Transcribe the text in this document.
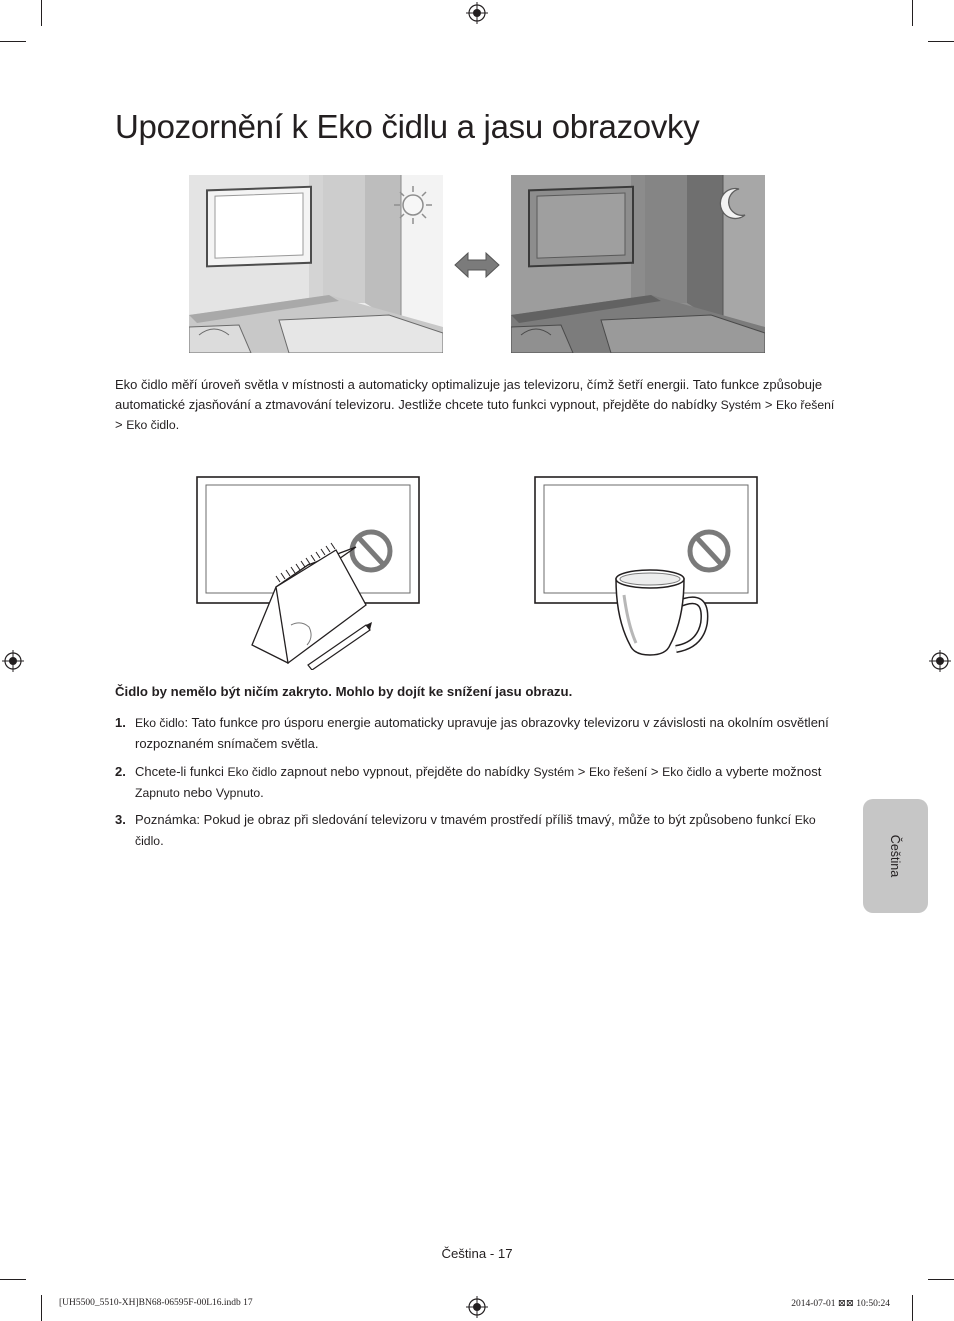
Upozornění k Eko čidlu a jasu obrazovky
Eko čidlo měří úroveň světla v místnosti a automaticky optimalizuje jas televizoru, čímž šetří energii. Tato funkce způsobuje automatické zjasňování a ztmavování televizoru. Jestliže chcete tuto funkci vypnout, přejděte do nabídky Systém > Eko řešení > Eko čidlo.
Čidlo by nemělo být ničím zakryto. Mohlo by dojít ke snížení jasu obrazu.
1. Eko čidlo: Tato funkce pro úsporu energie automaticky upravuje jas obrazovky televizoru v závislosti na okolním osvětlení rozpoznaném snímačem světla.
2. Chcete-li funkci Eko čidlo zapnout nebo vypnout, přejděte do nabídky Systém > Eko řešení > Eko čidlo a vyberte možnost Zapnuto nebo Vypnuto.
3. Poznámka: Pokud je obraz při sledování televizoru v tmavém prostředí příliš tmavý, může to být způsobeno funkcí Eko čidlo.	Čeština
Čeština - 17
[UH5500_5510-XH]BN68-06595F-00L16.indb 17	2014-07-01 ⊠⊠ 10:50:24
